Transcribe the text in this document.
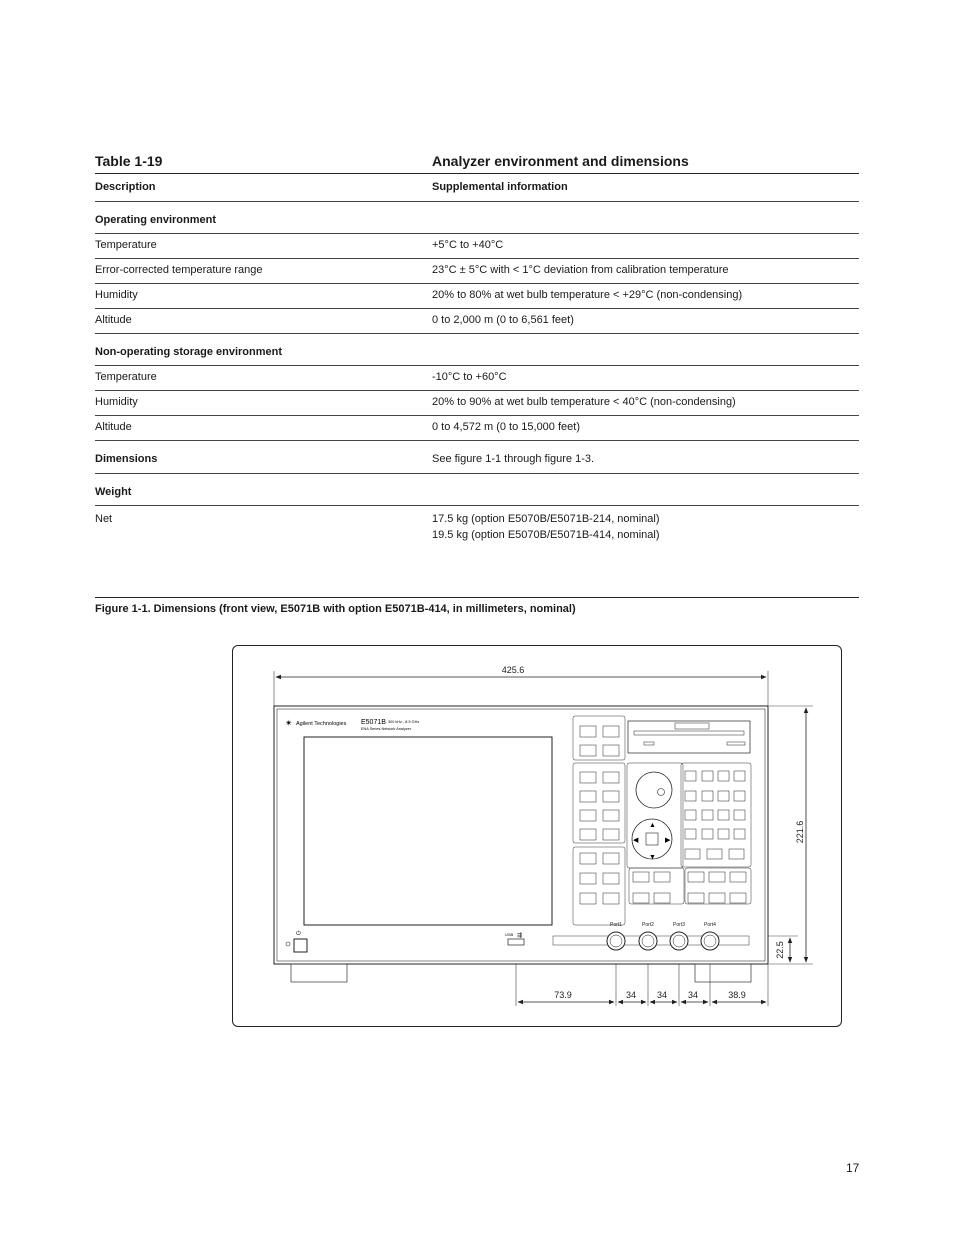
Table 1-19	Analyzer environment and dimensions
Description	Supplemental information
Operating environment	
Temperature	+5°C to +40°C
Error-corrected temperature range	23°C ± 5°C with < 1°C deviation from calibration temperature
Humidity	20% to 80% at wet bulb temperature < +29°C (non-condensing)
Altitude	0 to 2,000 m (0 to 6,561 feet)
Non-operating storage environment	
Temperature	-10°C to +60°C
Humidity	20% to 90% at wet bulb temperature < 40°C (non-condensing)
Altitude	0 to 4,572 m (0 to 15,000 feet)
Dimensions	See figure 1-1 through figure 1-3.
Weight	
Net	17.5 kg (option E5070B/E5071B-214, nominal)
19.5 kg (option E5070B/E5071B-414, nominal)
Figure 1-1. Dimensions (front view, E5071B with option E5071B-414, in millimeters, nominal)
425.6
221.6
22.5
73.9	34 34 34	38.9
✴ Agilent Technologies E5071B 300 kHz - 8.5 GHz
ENA Series Network Analyzer
⏻	USB ⇶
▲
▼
◀	▶
Port1	Port2	Port3	Port4
17
